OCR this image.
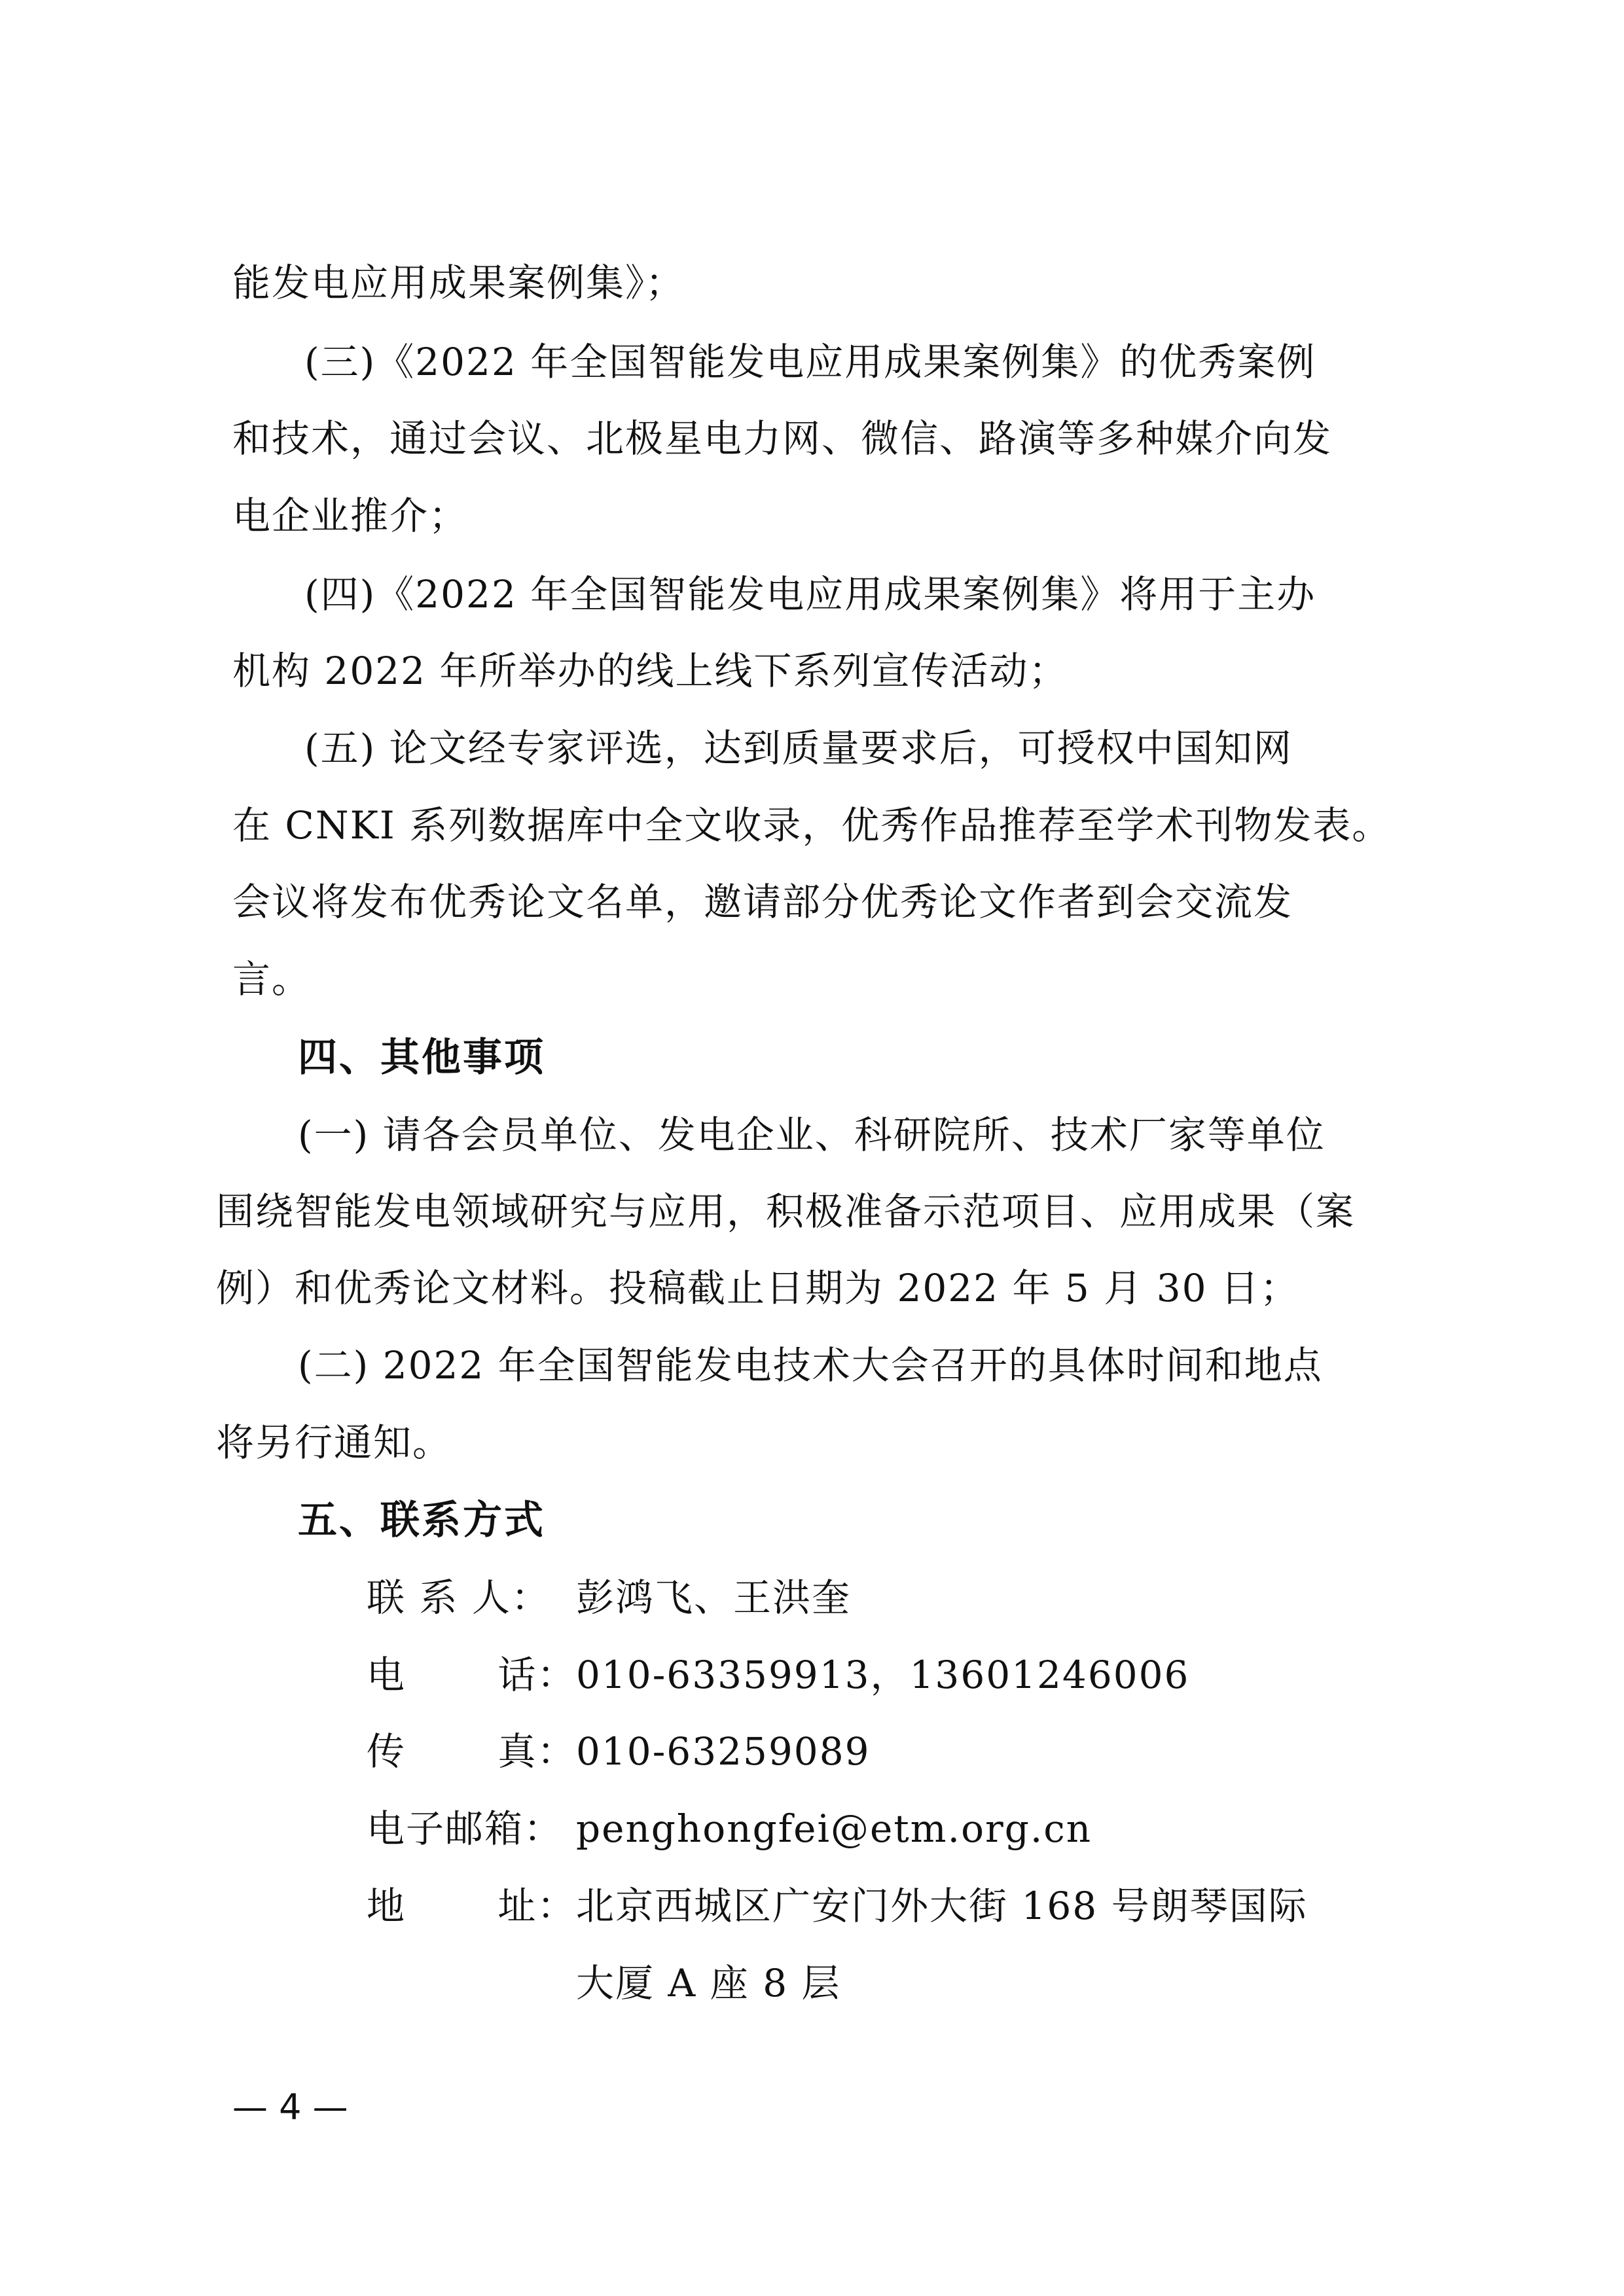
能发电应用成果案例集》；
(三)《2022 年全国智能发电应用成果案例集》的优秀案例
和技术，通过会议、北极星电力网、微信、路演等多种媒介向发
电企业推介；
(四)《2022 年全国智能发电应用成果案例集》将用于主办
机构 2022 年所举办的线上线下系列宣传活动；
(五) 论文经专家评选，达到质量要求后，可授权中国知网
在 CNKI 系列数据库中全文收录，优秀作品推荐至学术刊物发表。
会议将发布优秀论文名单，邀请部分优秀论文作者到会交流发
言。
四、其他事项
(一) 请各会员单位、发电企业、科研院所、技术厂家等单位
围绕智能发电领域研究与应用，积极准备示范项目、应用成果（案
例）和优秀论文材料。投稿截止日期为 2022 年 5 月 30 日；
(二) 2022 年全国智能发电技术大会召开的具体时间和地点
将另行通知。
五、联系方式
联 系 人： 彭鸿飞、王洪奎
电 话： 010-63359913，13601246006
传 真： 010-63259089
电子邮箱： penghongfei@etm.org.cn
地 址： 北京西城区广安门外大街 168 号朗琴国际
大厦 A 座 8 层
— 4 —
